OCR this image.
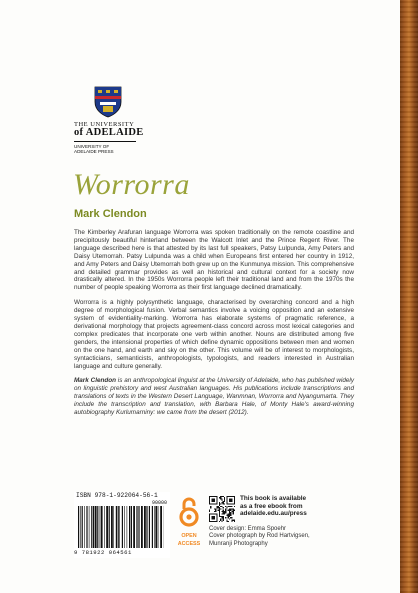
THE UNIVERSITY
of ADELAIDE
UNIVERSITY OF
ADELAIDE PRESS
Worrorra
Mark Clendon

The Kimberley Arafuran language Worrorra was spoken traditionally on the remote coastline and precipitously beautiful hinterland between the Walcott Inlet and the Prince Regent River. The language described here is that attested by its last full speakers, Patsy Lulpunda, Amy Peters and Daisy Utemorrah. Patsy Lulpunda was a child when Europeans first entered her country in 1912, and Amy Peters and Daisy Utemorrah both grew up on the Kunmunya mission. This comprehensive and detailed grammar provides as well an historical and cultural context for a society now drastically altered. In the 1950s Worrorra people left their traditional land and from the 1970s the number of people speaking Worrorra as their first language declined dramatically.

Worrorra is a highly polysynthetic language, characterised by overarching concord and a high degree of morphological fusion. Verbal semantics involve a voicing opposition and an extensive system of evidentiality-marking. Worrorra has elaborate systems of pragmatic reference, a derivational morphology that projects agreement-class concord across most lexical categories and complex predicates that incorporate one verb within another. Nouns are distributed among five genders, the intensional properties of which define dynamic oppositions between men and women on the one hand, and earth and sky on the other. This volume will be of interest to morphologists, syntacticians, semanticists, anthropologists, typologists, and readers interested in Australian language and culture generally.

Mark Clendon is an anthropological linguist at the University of Adelaide, who has published widely on linguistic prehistory and west Australian languages. His publications include transcriptions and translations of texts in the Western Desert Language, Wanmnan, Worrorra and Nyangumarta. They include the transcription and translation, with Barbara Hale, of Monty Hale's award-winning autobiography Kurlumarniny: we came from the desert (2012).

ISBN 978-1-922064-56-1
90000
9 781922 064561
OPEN
ACCESS
This book is available
as a free ebook from
adelaide.edu.au/press
Cover design: Emma Spoehr
Cover photograph by Rod Hartvigsen,
Munranji Photography
